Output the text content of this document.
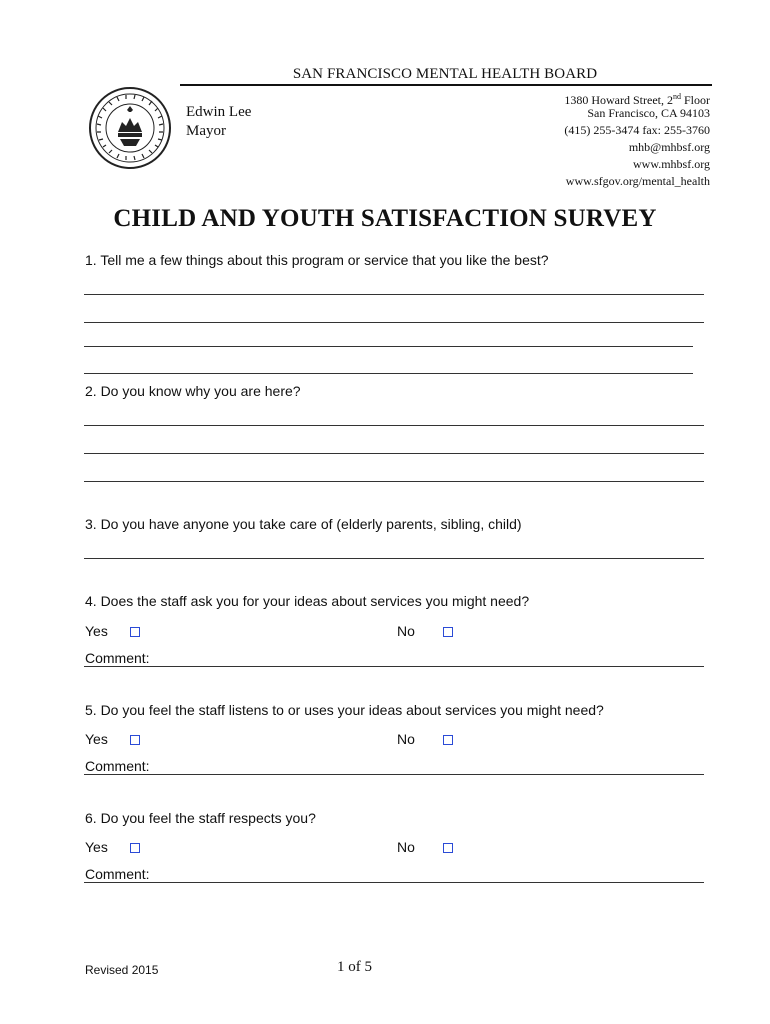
SAN FRANCISCO MENTAL HEALTH BOARD
Edwin Lee
Mayor
1380 Howard Street, 2nd Floor
San Francisco, CA 94103
(415) 255-3474 fax: 255-3760
mhb@mhbsf.org
www.mhbsf.org
www.sfgov.org/mental_health
CHILD AND YOUTH SATISFACTION SURVEY
1. Tell me a few things about this program or service that you like the best?
2. Do you know why you are here?
3. Do you have anyone you take care of (elderly parents, sibling, child)
4. Does the staff ask you for your ideas about services you might need?
Yes	No
Comment:
5. Do you feel the staff listens to or uses your ideas about services you might need?
Yes	No
Comment:
6. Do you feel the staff respects you?
Yes	No
Comment:
Revised 2015	1 of 5
